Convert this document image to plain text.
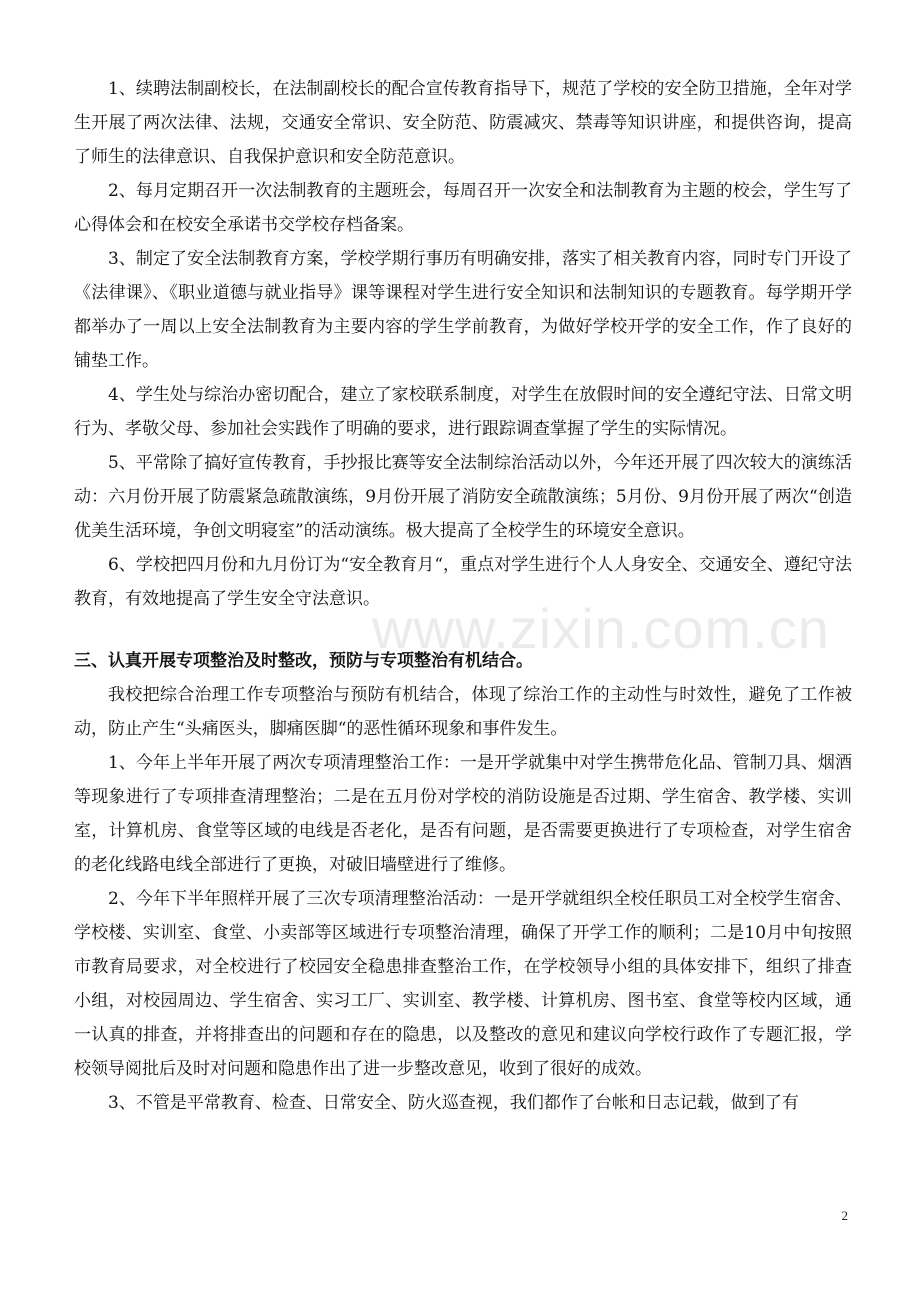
1、续聘法制副校长，在法制副校长的配合宣传教育指导下，规范了学校的安全防卫措施，全年对学生开展了两次法律、法规，交通安全常识、安全防范、防震减灾、禁毒等知识讲座，和提供咨询，提高了师生的法律意识、自我保护意识和安全防范意识。

2、每月定期召开一次法制教育的主题班会，每周召开一次安全和法制教育为主题的校会，学生写了心得体会和在校安全承诺书交学校存档备案。

3、制定了安全法制教育方案，学校学期行事历有明确安排，落实了相关教育内容，同时专门开设了《法律课》、《职业道德与就业指导》课等课程对学生进行安全知识和法制知识的专题教育。每学期开学都举办了一周以上安全法制教育为主要内容的学生学前教育，为做好学校开学的安全工作，作了良好的铺垫工作。

4、学生处与综治办密切配合，建立了家校联系制度，对学生在放假时间的安全遵纪守法、日常文明行为、孝敬父母、参加社会实践作了明确的要求，进行跟踪调查掌握了学生的实际情况。

5、平常除了搞好宣传教育，手抄报比赛等安全法制综治活动以外，今年还开展了四次较大的演练活动：六月份开展了防震紧急疏散演练，9月份开展了消防安全疏散演练；5月份、9月份开展了两次“创造优美生活环境，争创文明寝室”的活动演练。极大提高了全校学生的环境安全意识。

6、学校把四月份和九月份订为“安全教育月“，重点对学生进行个人人身安全、交通安全、遵纪守法教育，有效地提高了学生安全守法意识。

三、认真开展专项整治及时整改，预防与专项整治有机结合。

我校把综合治理工作专项整治与预防有机结合，体现了综治工作的主动性与时效性，避免了工作被动，防止产生“头痛医头，脚痛医脚“的恶性循环现象和事件发生。

1、今年上半年开展了两次专项清理整治工作：一是开学就集中对学生携带危化品、管制刀具、烟酒等现象进行了专项排查清理整治；二是在五月份对学校的消防设施是否过期、学生宿舍、教学楼、实训室，计算机房、食堂等区域的电线是否老化，是否有问题，是否需要更换进行了专项检查，对学生宿舍的老化线路电线全部进行了更换，对破旧墙壁进行了维修。

2、今年下半年照样开展了三次专项清理整治活动：一是开学就组织全校任职员工对全校学生宿舍、学校楼、实训室、食堂、小卖部等区域进行专项整治清理，确保了开学工作的顺利；二是10月中旬按照市教育局要求，对全校进行了校园安全稳患排查整治工作，在学校领导小组的具体安排下，组织了排查小组，对校园周边、学生宿舍、实习工厂、实训室、教学楼、计算机房、图书室、食堂等校内区域，通一认真的排查，并将排查出的问题和存在的隐患，以及整改的意见和建议向学校行政作了专题汇报，学校领导阅批后及时对问题和隐患作出了进一步整改意见，收到了很好的成效。

3、不管是平常教育、检查、日常安全、防火巡查视，我们都作了台帐和日志记载，做到了有

www.zixin.com.cn
2
